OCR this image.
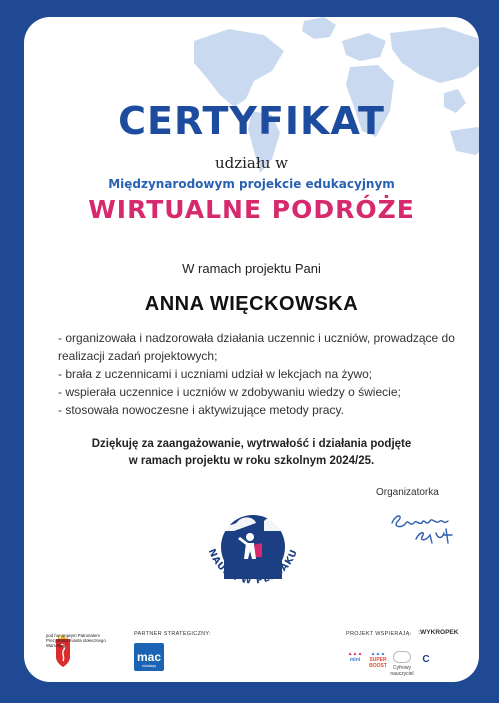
CERTYFIKAT
udziału w
Międzynarodowym projekcie edukacyjnym
WIRTUALNE PODRÓŻE
W ramach projektu Pani
ANNA WIĘCKOWSKA
- organizowała i nadzorowała działania uczennic i uczniów, prowadzące do
realizacji zadań projektowych;
- brała z uczennicami i uczniami udział w lekcjach na żywo;
- wspierała uczennice i uczniów w zdobywaniu wiedzy o świecie;
- stosowała nowoczesne i aktywizujące metody pracy.
Dziękuję za zaangażowanie, wytrwałość i działania podjęte
w ramach projektu w roku szkolnym 2024/25.
Organizatorka
NAUKA W PLECAKU
pod honorowym Patronatem Prezydenta miasta stołecznego Warszawy
PARTNER STRATEGICZNY:
mac
edukacja
PROJEKT WSPIERAJĄ: :WYKROPEK
▲▲▲
mini
▲▲▲
SUPER BOOST	Cyfrowy nauczyciel
C
